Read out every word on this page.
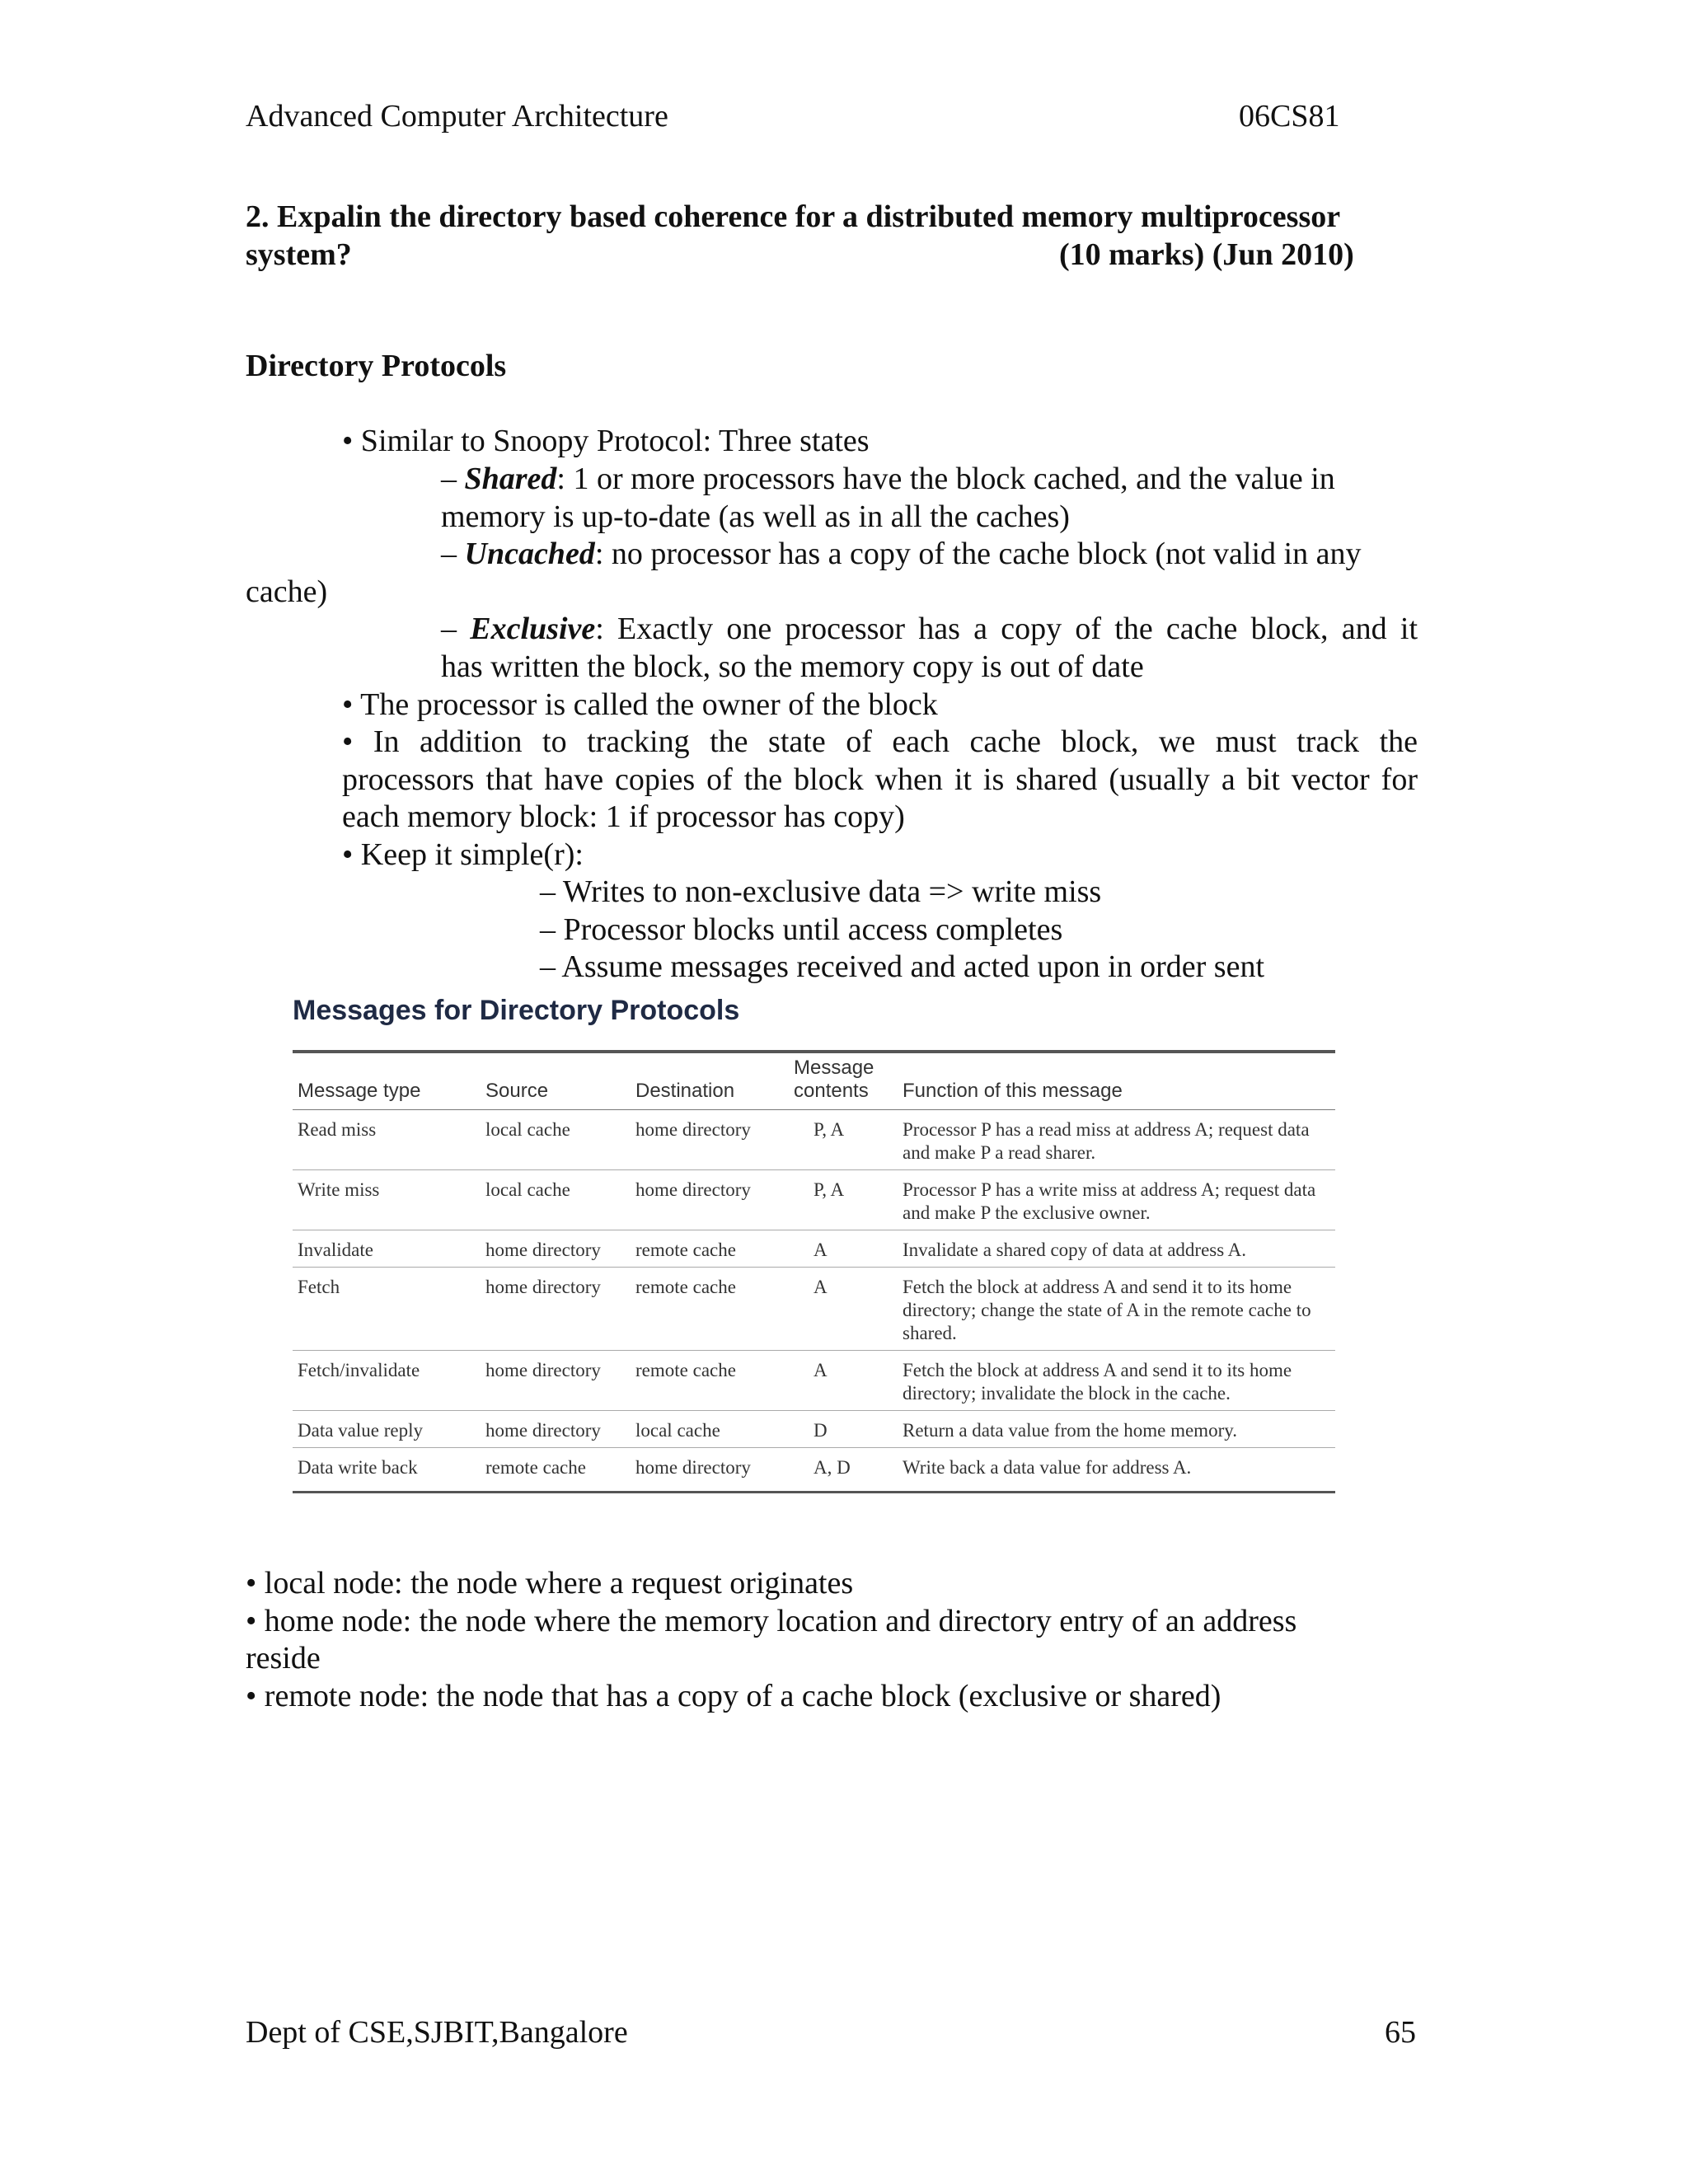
Advanced Computer Architecture	06CS81
2. Expalin the directory based coherence for a distributed memory multiprocessor
system?	(10 marks) (Jun 2010)
Directory Protocols
• Similar to Snoopy Protocol: Three states
– Shared: 1 or more processors have the block cached, and the value in
memory is up-to-date (as well as in all the caches)
– Uncached: no processor has a copy of the cache block (not valid in any
cache)
– Exclusive: Exactly one processor has a copy of the cache block, and it
has written the block, so the memory copy is out of date
• The processor is called the owner of the block
• In addition to tracking the state of each cache block, we must track the
processors that have copies of the block when it is shared (usually a bit vector for
each memory block: 1 if processor has copy)
• Keep it simple(r):
– Writes to non-exclusive data => write miss
– Processor blocks until access completes
– Assume messages received and acted upon in order sent
Messages for Directory Protocols
Message type	Source	Destination	Message contents	Function of this message
Read miss	local cache	home directory	P, A	Processor P has a read miss at address A; request data and make P a read sharer.
Write miss	local cache	home directory	P, A	Processor P has a write miss at address A; request data and make P the exclusive owner.
Invalidate	home directory	remote cache	A	Invalidate a shared copy of data at address A.
Fetch	home directory	remote cache	A	Fetch the block at address A and send it to its home directory; change the state of A in the remote cache to shared.
Fetch/invalidate	home directory	remote cache	A	Fetch the block at address A and send it to its home directory; invalidate the block in the cache.
Data value reply	home directory	local cache	D	Return a data value from the home memory.
Data write back	remote cache	home directory	A, D	Write back a data value for address A.
• local node: the node where a request originates
• home node: the node where the memory location and directory entry of an address
reside
• remote node: the node that has a copy of a cache block (exclusive or shared)
Dept of CSE,SJBIT,Bangalore	65
